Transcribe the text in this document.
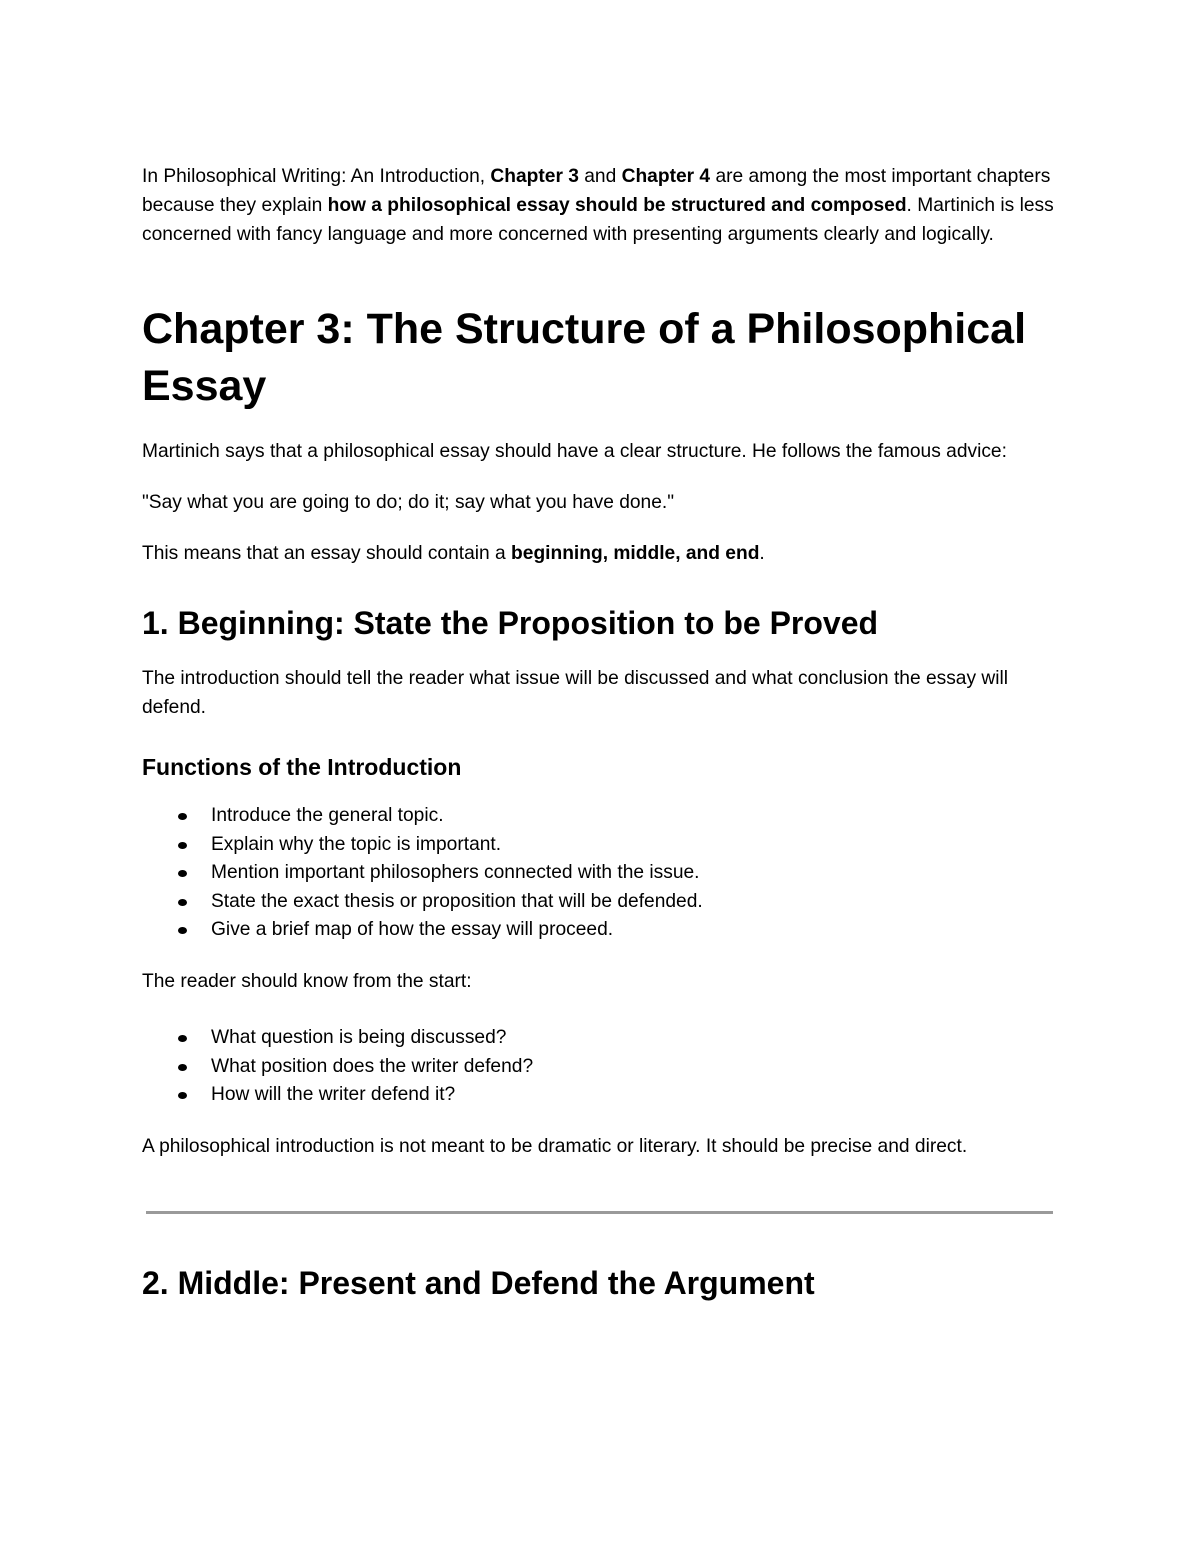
In Philosophical Writing: An Introduction, Chapter 3 and Chapter 4 are among the most important chapters because they explain how a philosophical essay should be structured and composed. Martinich is less concerned with fancy language and more concerned with presenting arguments clearly and logically.

Chapter 3: The Structure of a Philosophical Essay

Martinich says that a philosophical essay should have a clear structure. He follows the famous advice:

"Say what you are going to do; do it; say what you have done."

This means that an essay should contain a beginning, middle, and end.

1. Beginning: State the Proposition to be Proved

The introduction should tell the reader what issue will be discussed and what conclusion the essay will defend.

Functions of the Introduction
Introduce the general topic.
Explain why the topic is important.
Mention important philosophers connected with the issue.
State the exact thesis or proposition that will be defended.
Give a brief map of how the essay will proceed.

The reader should know from the start:

What question is being discussed?
What position does the writer defend?
How will the writer defend it?

A philosophical introduction is not meant to be dramatic or literary. It should be precise and direct.

2. Middle: Present and Defend the Argument
